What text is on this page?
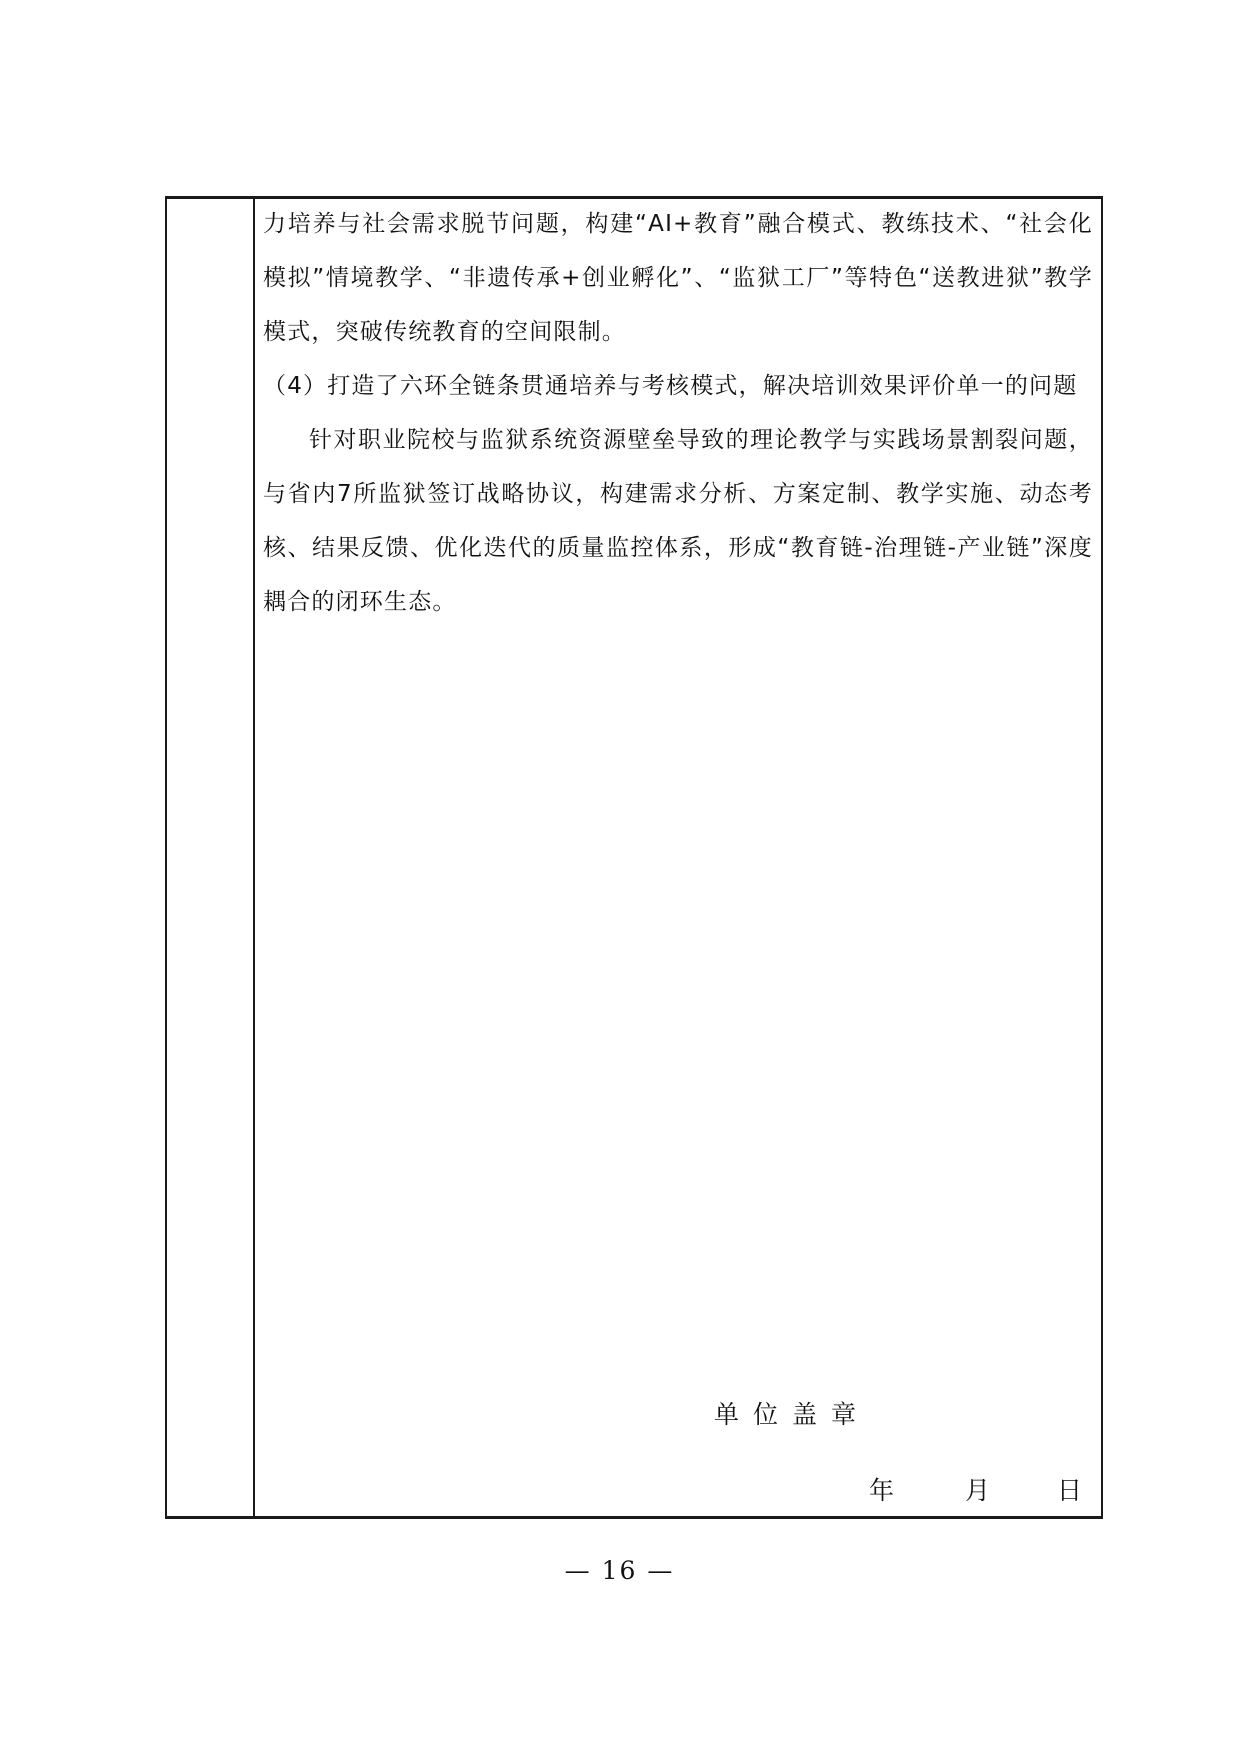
力培养与社会需求脱节问题，构建“AI+教育”融合模式、教练技术、“社会化模拟”情境教学、“非遗传承+创业孵化”、“监狱工厂”等特色“送教进狱”教学模式，突破传统教育的空间限制。

（4）打造了六环全链条贯通培养与考核模式，解决培训效果评价单一的问题

针对职业院校与监狱系统资源壁垒导致的理论教学与实践场景割裂问题，与省内7所监狱签订战略协议，构建需求分析、方案定制、教学实施、动态考核、结果反馈、优化迭代的质量监控体系，形成“教育链-治理链-产业链”深度耦合的闭环生态。

单位盖章
年	月	日
— 16 —
